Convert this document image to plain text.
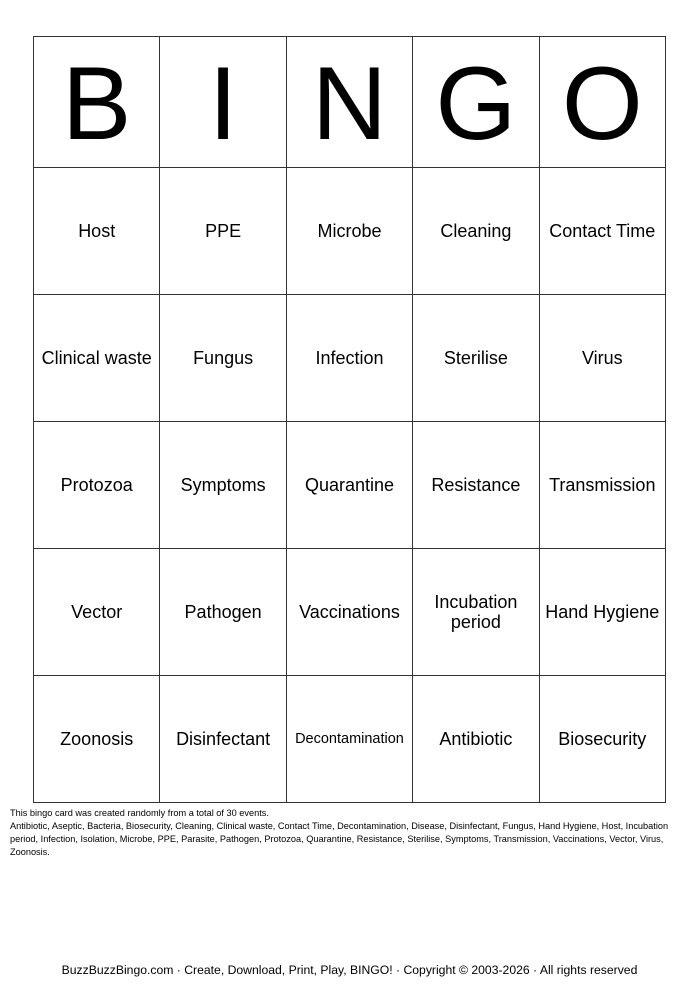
B	I	N	G	O
Host	PPE	Microbe	Cleaning	Contact Time
Clinical waste	Fungus	Infection	Sterilise	Virus
Protozoa	Symptoms	Quarantine	Resistance	Transmission
Vector	Pathogen	Vaccinations	Incubation period	Hand Hygiene
Zoonosis	Disinfectant	Decontamination	Antibiotic	Biosecurity

This bingo card was created randomly from a total of 30 events.

Antibiotic, Aseptic, Bacteria, Biosecurity, Cleaning, Clinical waste, Contact Time, Decontamination, Disease, Disinfectant, Fungus, Hand Hygiene, Host, Incubation period, Infection, Isolation, Microbe, PPE, Parasite, Pathogen, Protozoa, Quarantine, Resistance, Sterilise, Symptoms, Transmission, Vaccinations, Vector, Virus, Zoonosis.

BuzzBuzzBingo.com · Create, Download, Print, Play, BINGO! · Copyright © 2003-2026 · All rights reserved
